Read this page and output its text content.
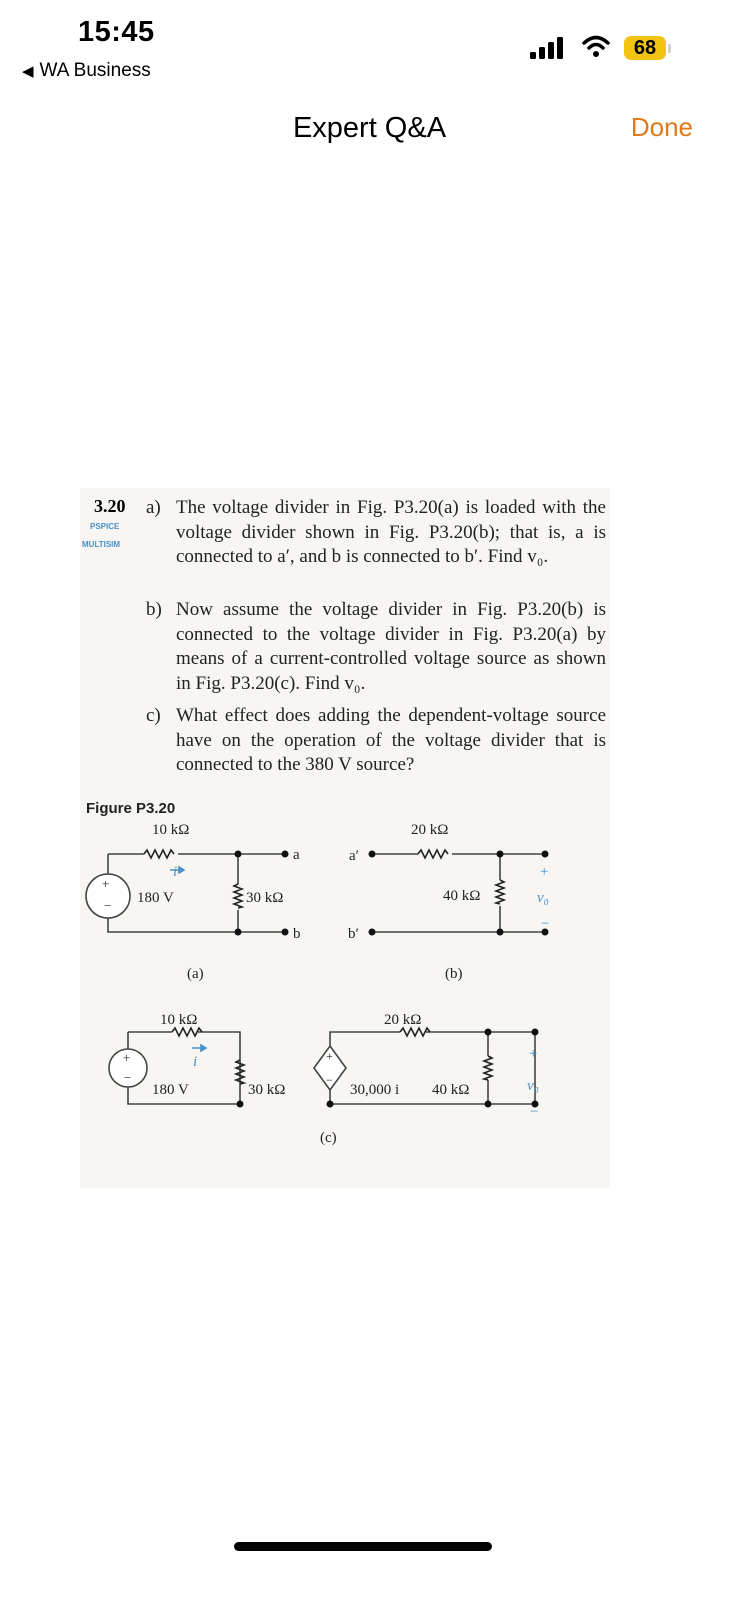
15:45
◀ WA Business
68
Expert Q&A	Done
3.20
PSPICE
MULTISIM
a) The voltage divider in Fig. P3.20(a) is loaded with the voltage divider shown in Fig. P3.20(b); that is, a is connected to a′, and b is connected to b′. Find v₀.
b) Now assume the voltage divider in Fig. P3.20(b) is connected to the voltage divider in Fig. P3.20(a) by means of a current-controlled voltage source as shown in Fig. P3.20(c). Find v₀.
c) What effect does adding the dependent-voltage source have on the operation of the voltage divider that is connected to the 380 V source?
Figure P3.20
+
−
+
−
+
−
10 kΩ
i
180 V	30 kΩ
a
b
(a)
20 kΩ
a′
b′
40 kΩ
+
v₀
−
(b)
10 kΩ
i
180 V	30 kΩ	30,000 i
20 kΩ
40 kΩ
+
v₀
−
(c)
